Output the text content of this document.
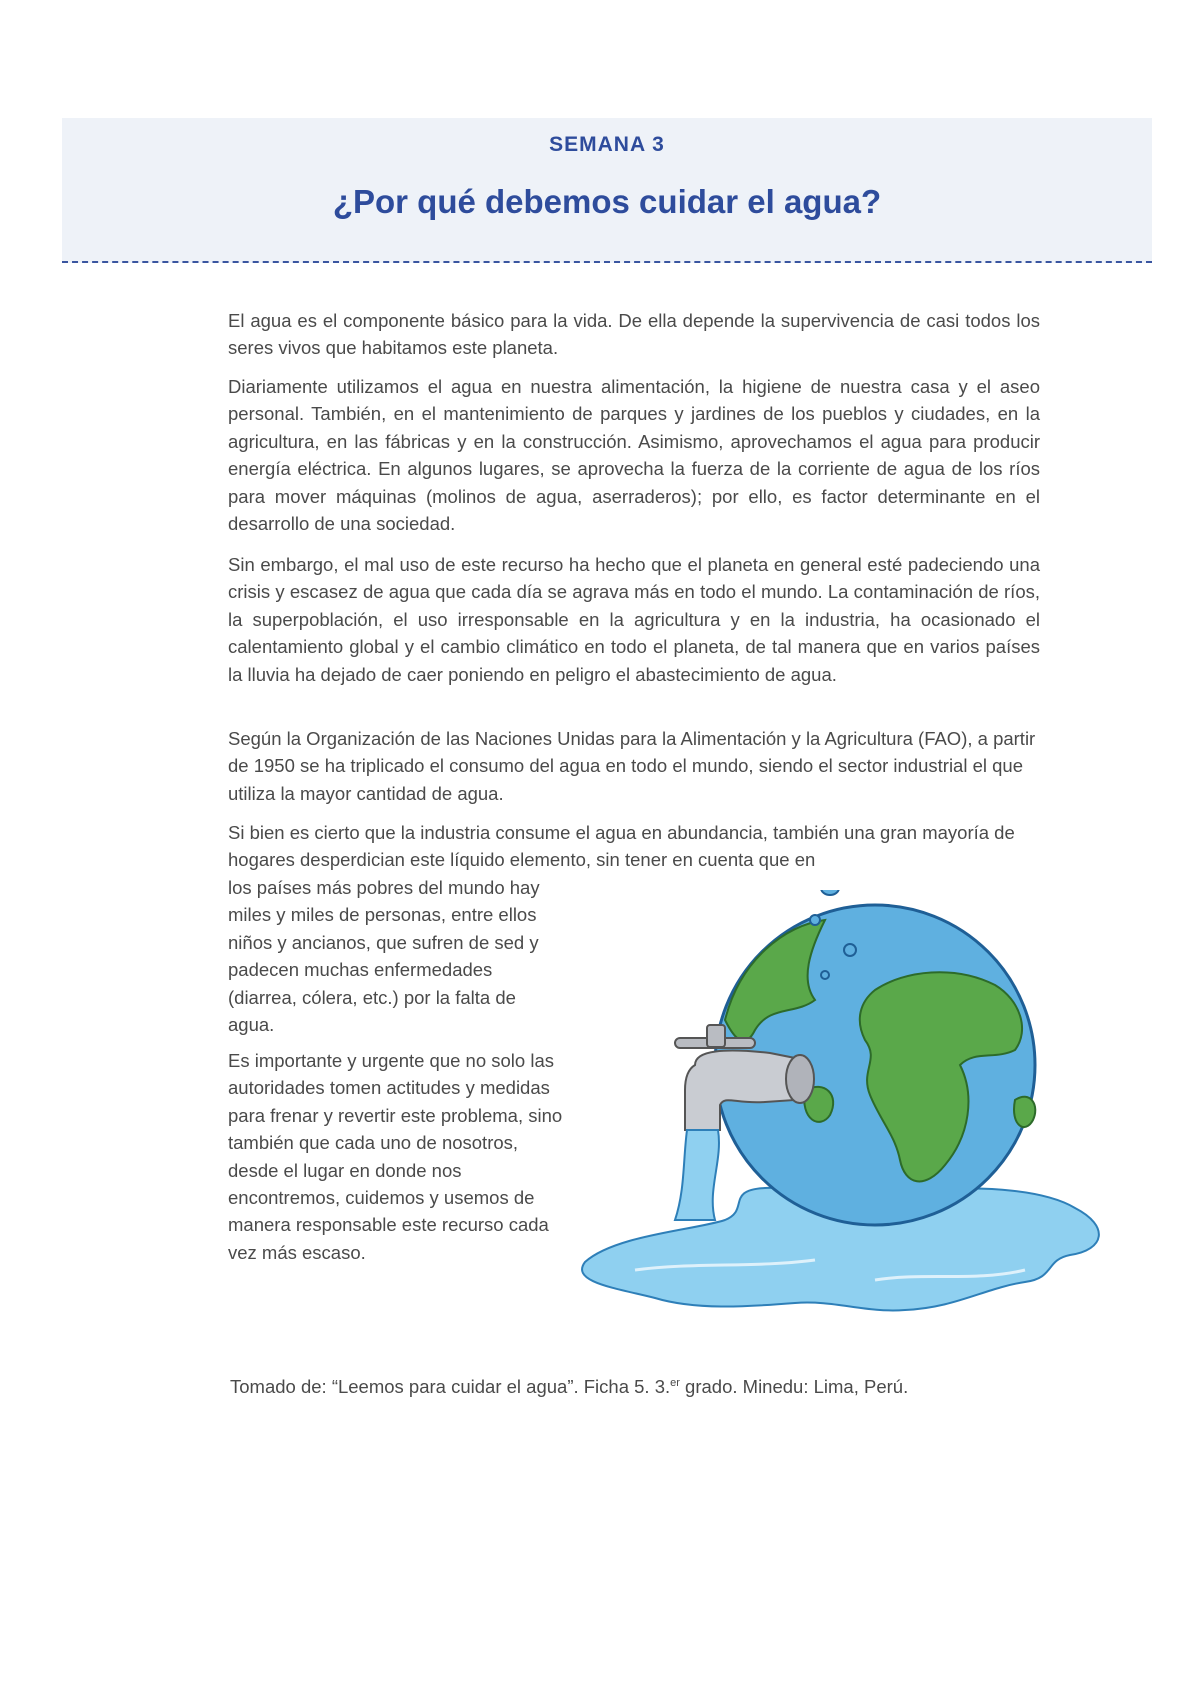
SEMANA 3
¿Por qué debemos cuidar el agua?

El agua es el componente básico para la vida. De ella depende la supervivencia de casi todos los seres vivos que habitamos este planeta.

Diariamente utilizamos el agua en nuestra alimentación, la higiene de nuestra casa y el aseo personal. También, en el mantenimiento de parques y jardines de los pueblos y ciudades, en la agricultura, en las fábricas y en la construcción. Asimismo, aprovechamos el agua para producir energía eléctrica. En algunos lugares, se aprovecha la fuerza de la corriente de agua de los ríos para mover máquinas (molinos de agua, aserraderos); por ello, es factor determinante en el desarrollo de una sociedad.

Sin embargo, el mal uso de este recurso ha hecho que el planeta en general esté padeciendo una crisis y escasez de agua que cada día se agrava más en todo el mundo. La contaminación de ríos, la superpoblación, el uso irresponsable en la agricultura y en la industria, ha ocasionado el calentamiento global y el cambio climático en todo el planeta, de tal manera que en varios países la lluvia ha dejado de caer poniendo en peligro el abastecimiento de agua.

Según la Organización de las Naciones Unidas para la Alimentación y la Agricultura (FAO), a partir de 1950 se ha triplicado el consumo del agua en todo el mundo, siendo el sector industrial el que utiliza la mayor cantidad de agua.

Si bien es cierto que la industria consume el agua en abundancia, también una gran mayoría de hogares desperdician este líquido elemento, sin tener en cuenta que en

los países más pobres del mundo hay miles y miles de personas, entre ellos niños y ancianos, que sufren de sed y padecen muchas enfermedades (diarrea, cólera, etc.) por la falta de agua.

Es importante y urgente que no solo las autoridades tomen actitudes y medidas para frenar y revertir este problema, sino también que cada uno de nosotros, desde el lugar en donde nos encontremos, cuidemos y usemos de manera responsable este recurso cada vez más escaso.

Tomado de: “Leemos para cuidar el agua”. Ficha 5. 3.$^{er}$ grado. Minedu: Lima, Perú.
